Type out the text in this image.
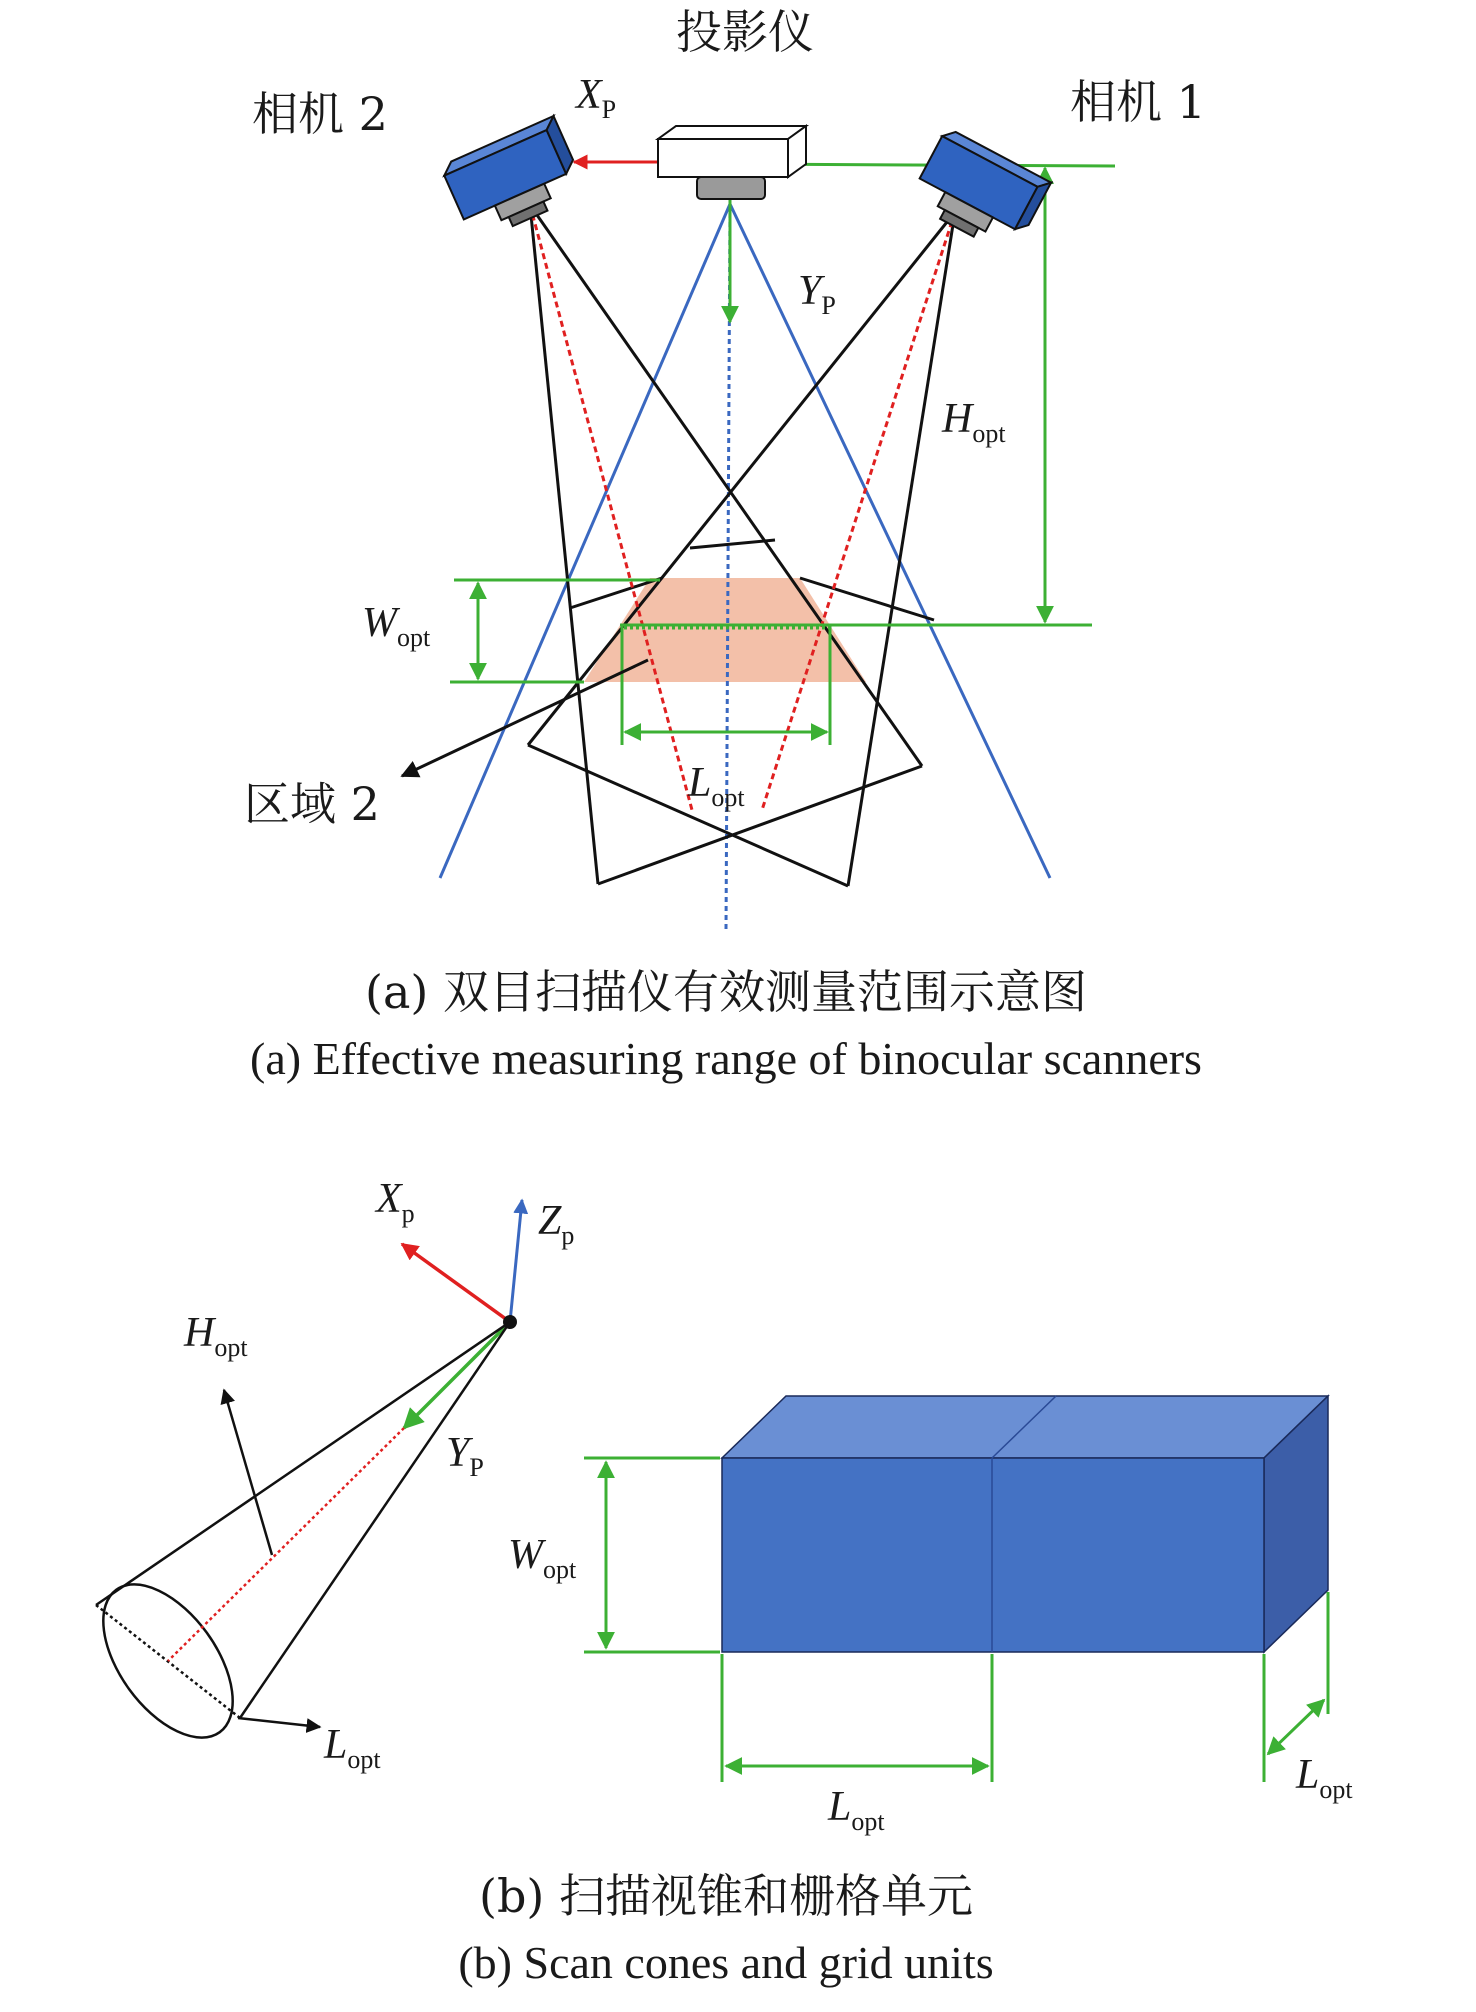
投影仪
相机 2	相机 1
$X_P$
$Y_P$
$H_{opt}$
$W_{opt}$
$L_{opt}$
区域 2
(a) 双目扫描仪有效测量范围示意图
(a) Effective measuring range of binocular scanners
$X_p$	$Z_p$
$Y_P$
$H_{opt}$
$L_{opt}$
$W_{opt}$
$L_{opt}$
$L_{opt}$
(b) 扫描视锥和栅格单元
(b) Scan cones and grid units
